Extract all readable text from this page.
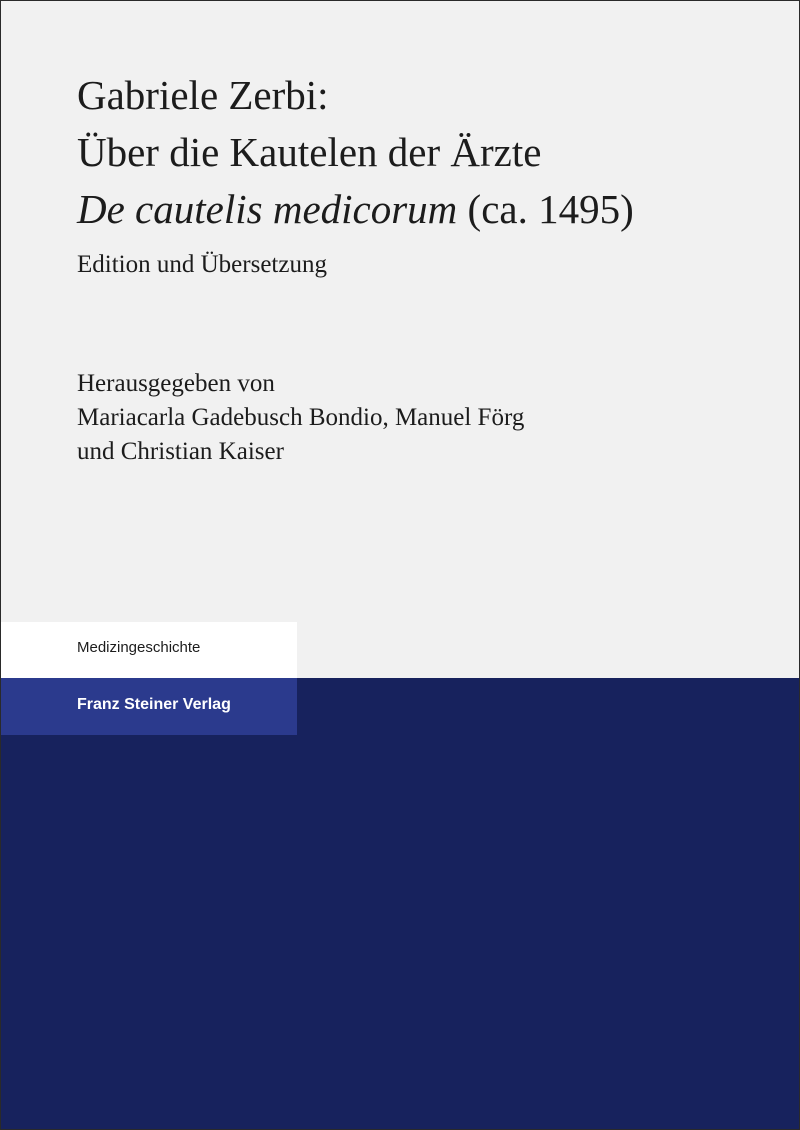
Gabriele Zerbi:
Über die Kautelen der Ärzte
De cautelis medicorum (ca. 1495)
Edition und Übersetzung
Herausgegeben von
Mariacarla Gadebusch Bondio, Manuel Förg
und Christian Kaiser
Medizingeschichte
Franz Steiner Verlag
